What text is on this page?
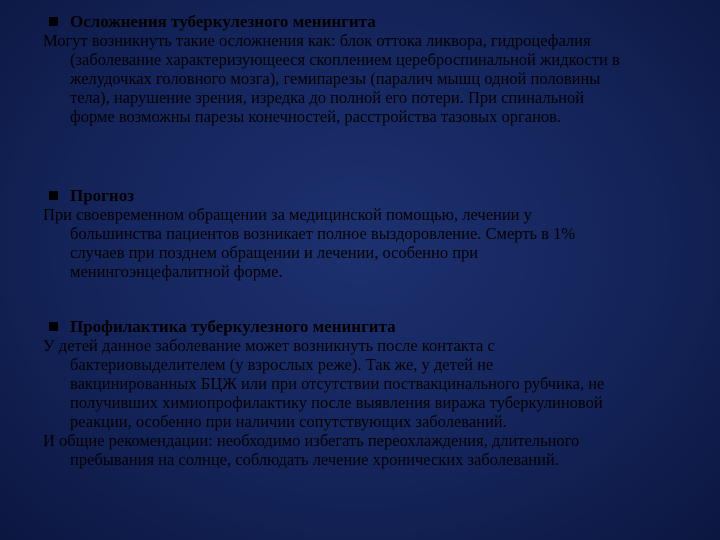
Осложнения туберкулезного менингита
Могут возникнуть такие осложнения как: блок оттока ликвора, гидроцефалия (заболевание характеризующееся скоплением цереброспинальной жидкости в желудочках головного мозга), гемипарезы (паралич мышц одной половины тела), нарушение зрения, изредка до полной его потери. При спинальной форме возможны парезы конечностей, расстройства тазовых органов.
Прогноз
При своевременном обращении за медицинской помощью, лечении у большинства пациентов возникает полное выздоровление. Смерть в 1% случаев при позднем обращении и лечении, особенно при менингоэнцефалитной форме.
Профилактика туберкулезного менингита
У детей данное заболевание может возникнуть после контакта с бактериовыделителем (у взрослых реже). Так же, у детей не вакцинированных БЦЖ или при отсутствии поствакцинального рубчика, не получивших химиопрофилактику после выявления виража туберкулиновой реакции, особенно при наличии сопутствующих заболеваний.
И общие рекомендации: необходимо избегать переохлаждения, длительного пребывания на солнце, соблюдать лечение хронических заболеваний.
